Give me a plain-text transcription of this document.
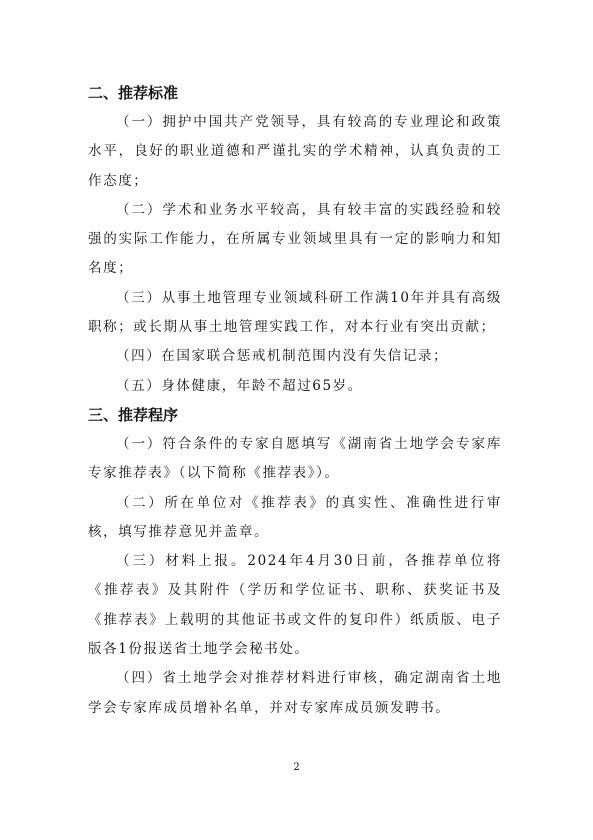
二、推荐标准

（一）拥护中国共产党领导，具有较高的专业理论和政策水平，良好的职业道德和严谨扎实的学术精神，认真负责的工作态度；

（二）学术和业务水平较高，具有较丰富的实践经验和较强的实际工作能力，在所属专业领域里具有一定的影响力和知名度；

（三）从事土地管理专业领域科研工作满10年并具有高级职称；或长期从事土地管理实践工作，对本行业有突出贡献；

（四）在国家联合惩戒机制范围内没有失信记录；

（五）身体健康，年龄不超过65岁。

三、推荐程序

（一）符合条件的专家自愿填写《湖南省土地学会专家库专家推荐表》（以下简称《推荐表》）。

（二）所在单位对《推荐表》的真实性、准确性进行审核，填写推荐意见并盖章。

（三）材料上报。2024年4月30日前，各推荐单位将《推荐表》及其附件（学历和学位证书、职称、获奖证书及《推荐表》上载明的其他证书或文件的复印件）纸质版、电子版各1份报送省土地学会秘书处。

（四）省土地学会对推荐材料进行审核，确定湖南省土地学会专家库成员增补名单，并对专家库成员颁发聘书。

2
